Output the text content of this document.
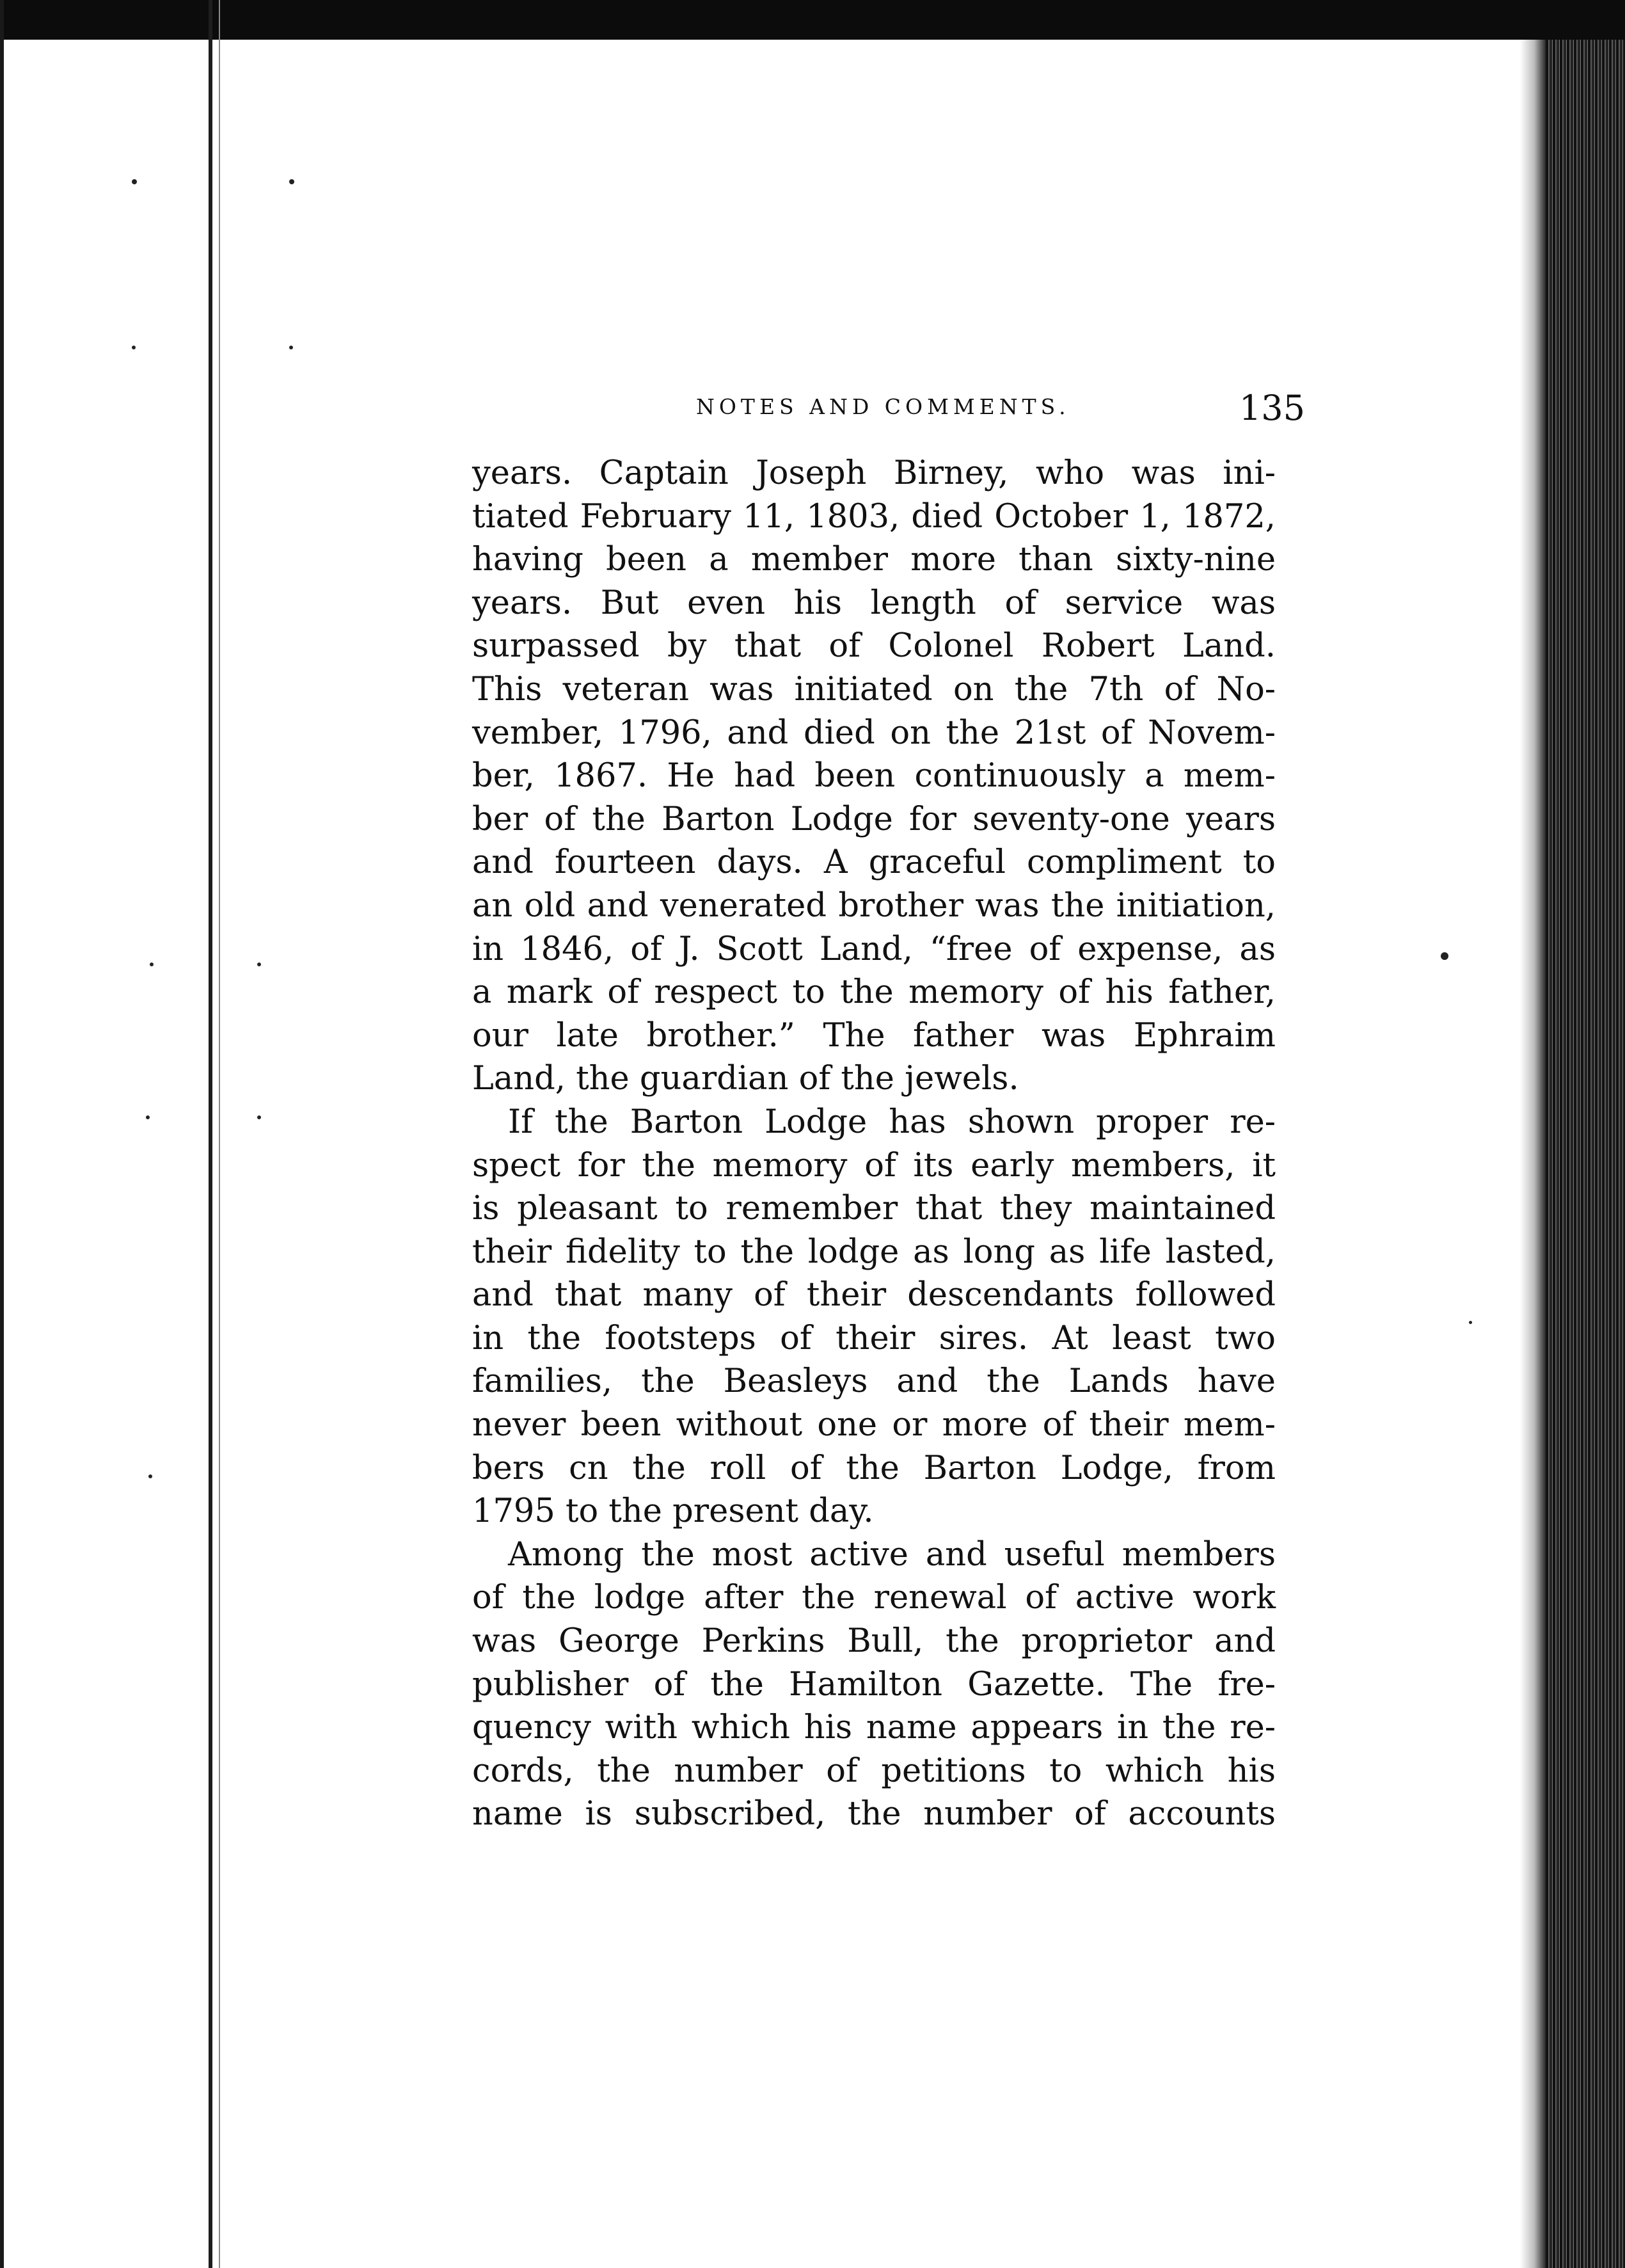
NOTES AND COMMENTS.	135
years. Captain Joseph Birney, who was ini-
tiated February 11, 1803, died October 1, 1872,
having been a member more than sixty-nine
years. But even his length of service was
surpassed by that of Colonel Robert Land.
This veteran was initiated on the 7th of No-
vember, 1796, and died on the 21st of Novem-
ber, 1867. He had been continuously a mem-
ber of the Barton Lodge for seventy-one years
and fourteen days. A graceful compliment to
an old and venerated brother was the initiation,
in 1846, of J. Scott Land, “free of expense, as
a mark of respect to the memory of his father,
our late brother.” The father was Ephraim
Land, the guardian of the jewels.
If the Barton Lodge has shown proper re-
spect for the memory of its early members, it
is pleasant to remember that they maintained
their fidelity to the lodge as long as life lasted,
and that many of their descendants followed
in the footsteps of their sires. At least two
families, the Beasleys and the Lands have
never been without one or more of their mem-
bers cn the roll of the Barton Lodge, from
1795 to the present day.
Among the most active and useful members
of the lodge after the renewal of active work
was George Perkins Bull, the proprietor and
publisher of the Hamilton Gazette. The fre-
quency with which his name appears in the re-
cords, the number of petitions to which his
name is subscribed, the number of accounts
